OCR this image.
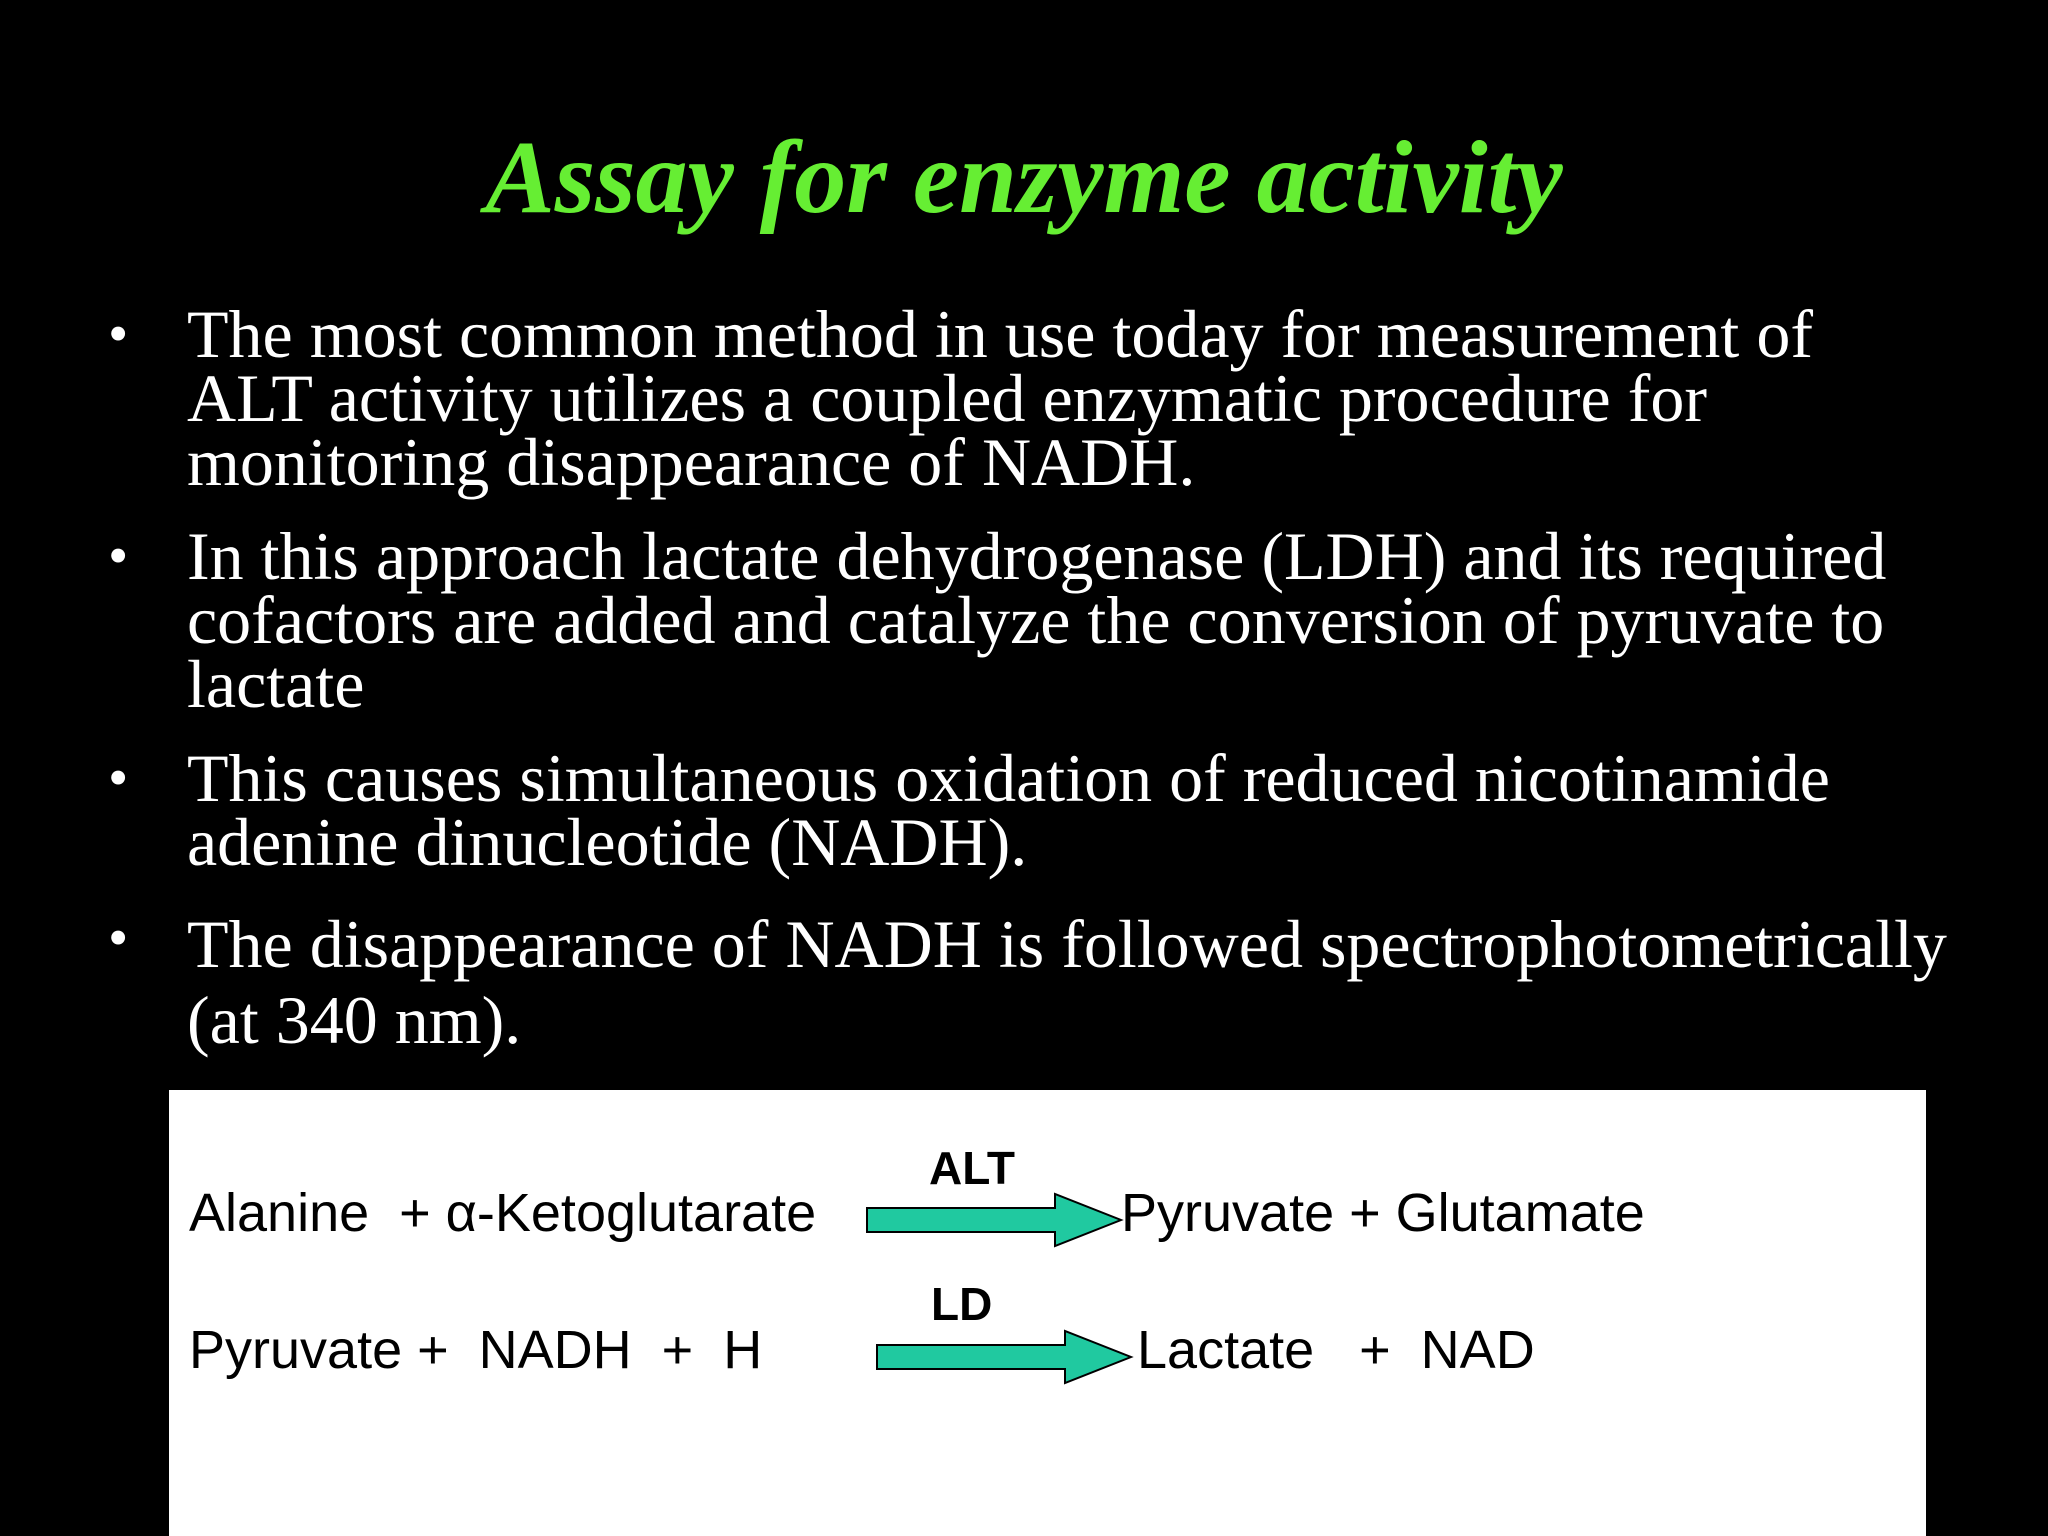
Assay for enzyme activity
• The most common method in use today for measurement of
ALT activity utilizes a coupled enzymatic procedure for
monitoring disappearance of NADH.
• In this approach lactate dehydrogenase (LDH) and its required
cofactors are added and catalyze the conversion of pyruvate to
lactate
• This causes simultaneous oxidation of reduced nicotinamide
adenine dinucleotide (NADH).
• The disappearance of NADH is followed spectrophotometrically
(at 340 nm).
Alanine  + α-Ketoglutarate
ALT
Pyruvate + Glutamate
Pyruvate +  NADH  +  H
LD
Lactate   +  NAD
